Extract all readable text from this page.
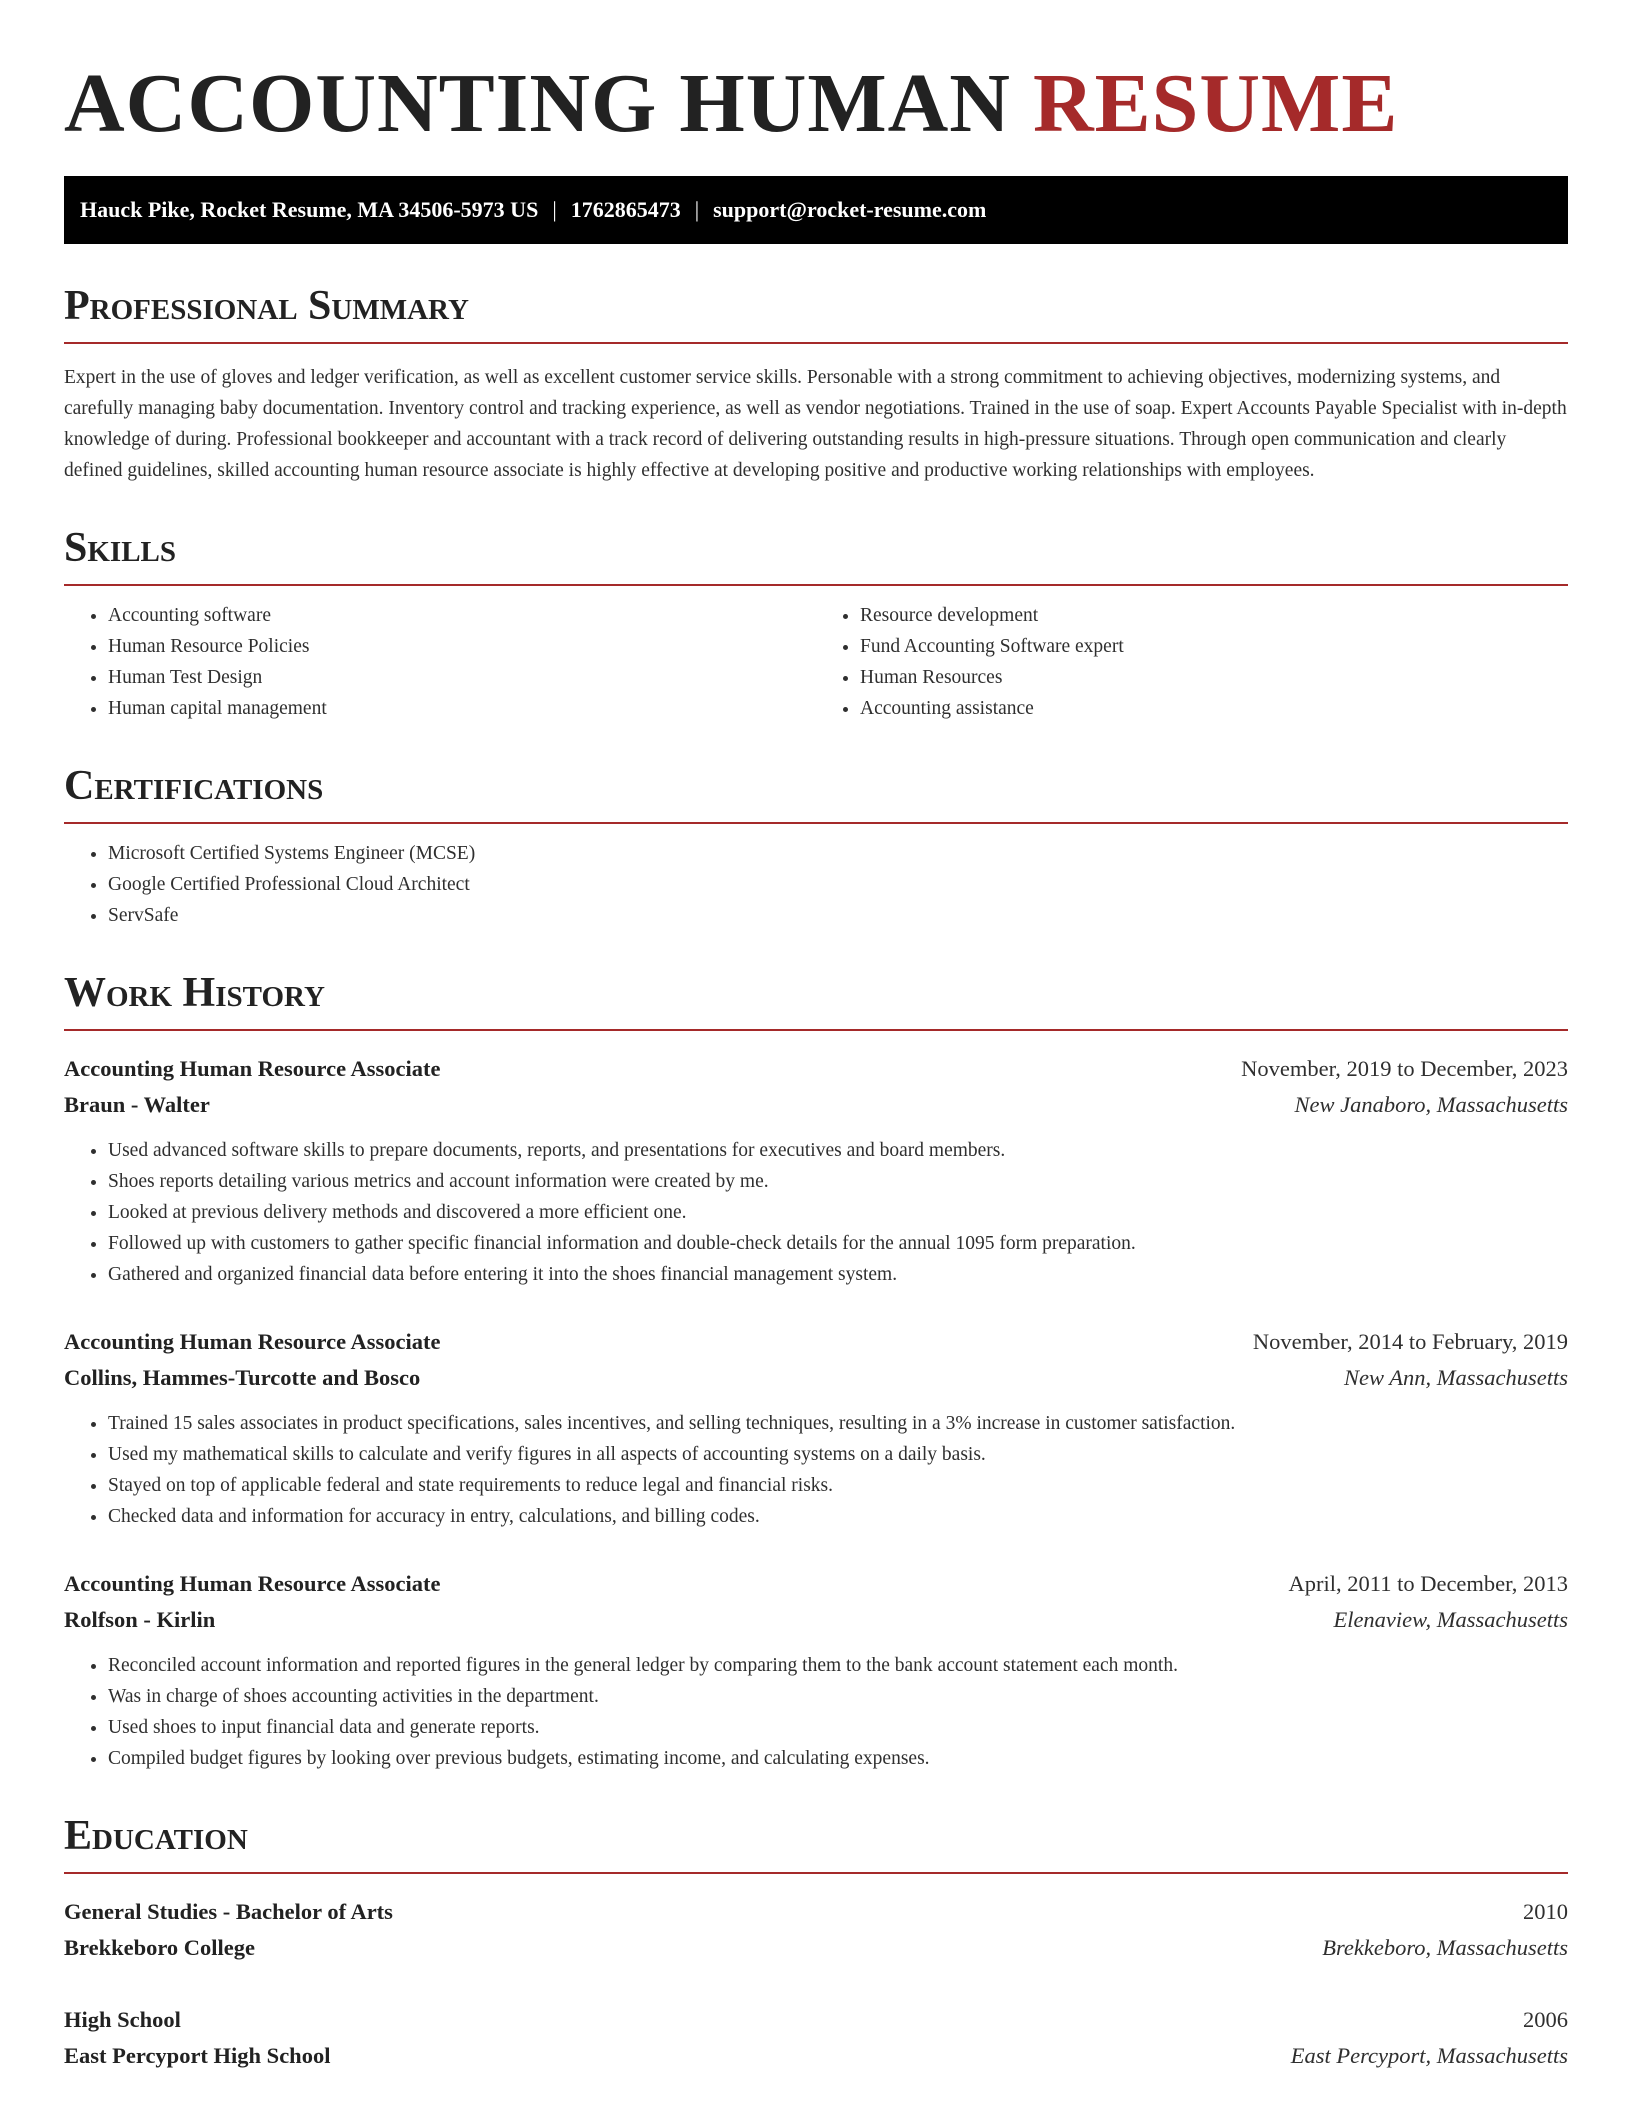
ACCOUNTING HUMAN RESUME
Hauck Pike, Rocket Resume, MA 34506-5973 US | 1762865473 | support@rocket-resume.com
Professional Summary

Expert in the use of gloves and ledger verification, as well as excellent customer service skills. Personable with a strong commitment to achieving objectives, modernizing systems, and carefully managing baby documentation. Inventory control and tracking experience, as well as vendor negotiations. Trained in the use of soap. Expert Accounts Payable Specialist with in-depth knowledge of during. Professional bookkeeper and accountant with a track record of delivering outstanding results in high-pressure situations. Through open communication and clearly defined guidelines, skilled accounting human resource associate is highly effective at developing positive and productive working relationships with employees.

Skills
• Accounting software
• Human Resource Policies
• Human Test Design
• Human capital management
• Resource development
• Fund Accounting Software expert
• Human Resources
• Accounting assistance
Certifications
• Microsoft Certified Systems Engineer (MCSE)
• Google Certified Professional Cloud Architect
• ServSafe
Work History
Accounting Human Resource Associate	November, 2019 to December, 2023
Braun - Walter	New Janaboro, Massachusetts
• Used advanced software skills to prepare documents, reports, and presentations for executives and board members.
• Shoes reports detailing various metrics and account information were created by me.
• Looked at previous delivery methods and discovered a more efficient one.
• Followed up with customers to gather specific financial information and double-check details for the annual 1095 form preparation.
• Gathered and organized financial data before entering it into the shoes financial management system.
Accounting Human Resource Associate	November, 2014 to February, 2019
Collins, Hammes-Turcotte and Bosco	New Ann, Massachusetts
• Trained 15 sales associates in product specifications, sales incentives, and selling techniques, resulting in a 3% increase in customer satisfaction.
• Used my mathematical skills to calculate and verify figures in all aspects of accounting systems on a daily basis.
• Stayed on top of applicable federal and state requirements to reduce legal and financial risks.
• Checked data and information for accuracy in entry, calculations, and billing codes.
Accounting Human Resource Associate	April, 2011 to December, 2013
Rolfson - Kirlin	Elenaview, Massachusetts
• Reconciled account information and reported figures in the general ledger by comparing them to the bank account statement each month.
• Was in charge of shoes accounting activities in the department.
• Used shoes to input financial data and generate reports.
• Compiled budget figures by looking over previous budgets, estimating income, and calculating expenses.
Education
General Studies - Bachelor of Arts	2010
Brekkeboro College	Brekkeboro, Massachusetts
High School	2006
East Percyport High School	East Percyport, Massachusetts
